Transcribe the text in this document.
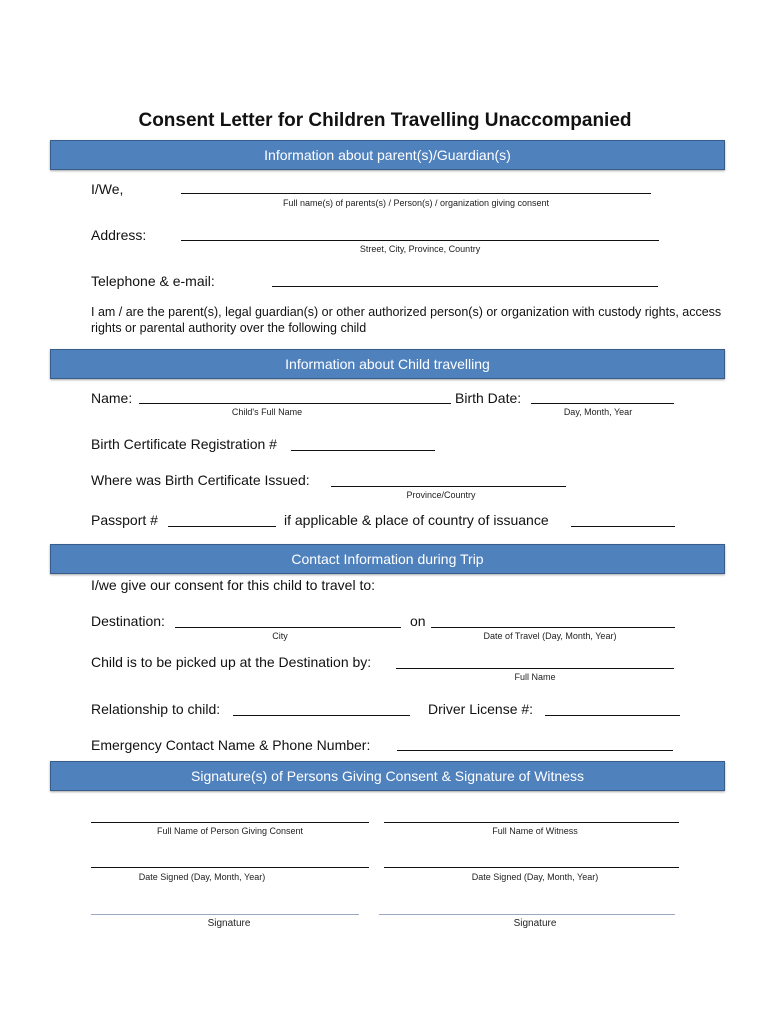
Consent Letter for Children Travelling Unaccompanied
Information about parent(s)/Guardian(s)
I/We,
Full name(s) of parents(s) / Person(s) / organization giving consent
Address:
Street, City, Province, Country
Telephone & e-mail:
I am / are the parent(s), legal guardian(s) or other authorized person(s) or organization with custody rights, access
rights or parental authority over the following child
Information about Child travelling
Name:
Child's Full Name
Birth Date:
Day, Month, Year
Birth Certificate Registration #
Where was Birth Certificate Issued:
Province/Country
Passport #	if applicable & place of country of issuance
Contact Information during Trip
I/we give our consent for this child to travel to:
Destination:
City
on
Date of Travel (Day, Month, Year)
Child is to be picked up at the Destination by:
Full Name
Relationship to child:	Driver License #:
Emergency Contact Name & Phone Number:
Signature(s) of Persons Giving Consent & Signature of Witness
Full Name of Person Giving Consent	Full Name of Witness
Date Signed (Day, Month, Year)	Date Signed (Day, Month, Year)
Signature	Signature
